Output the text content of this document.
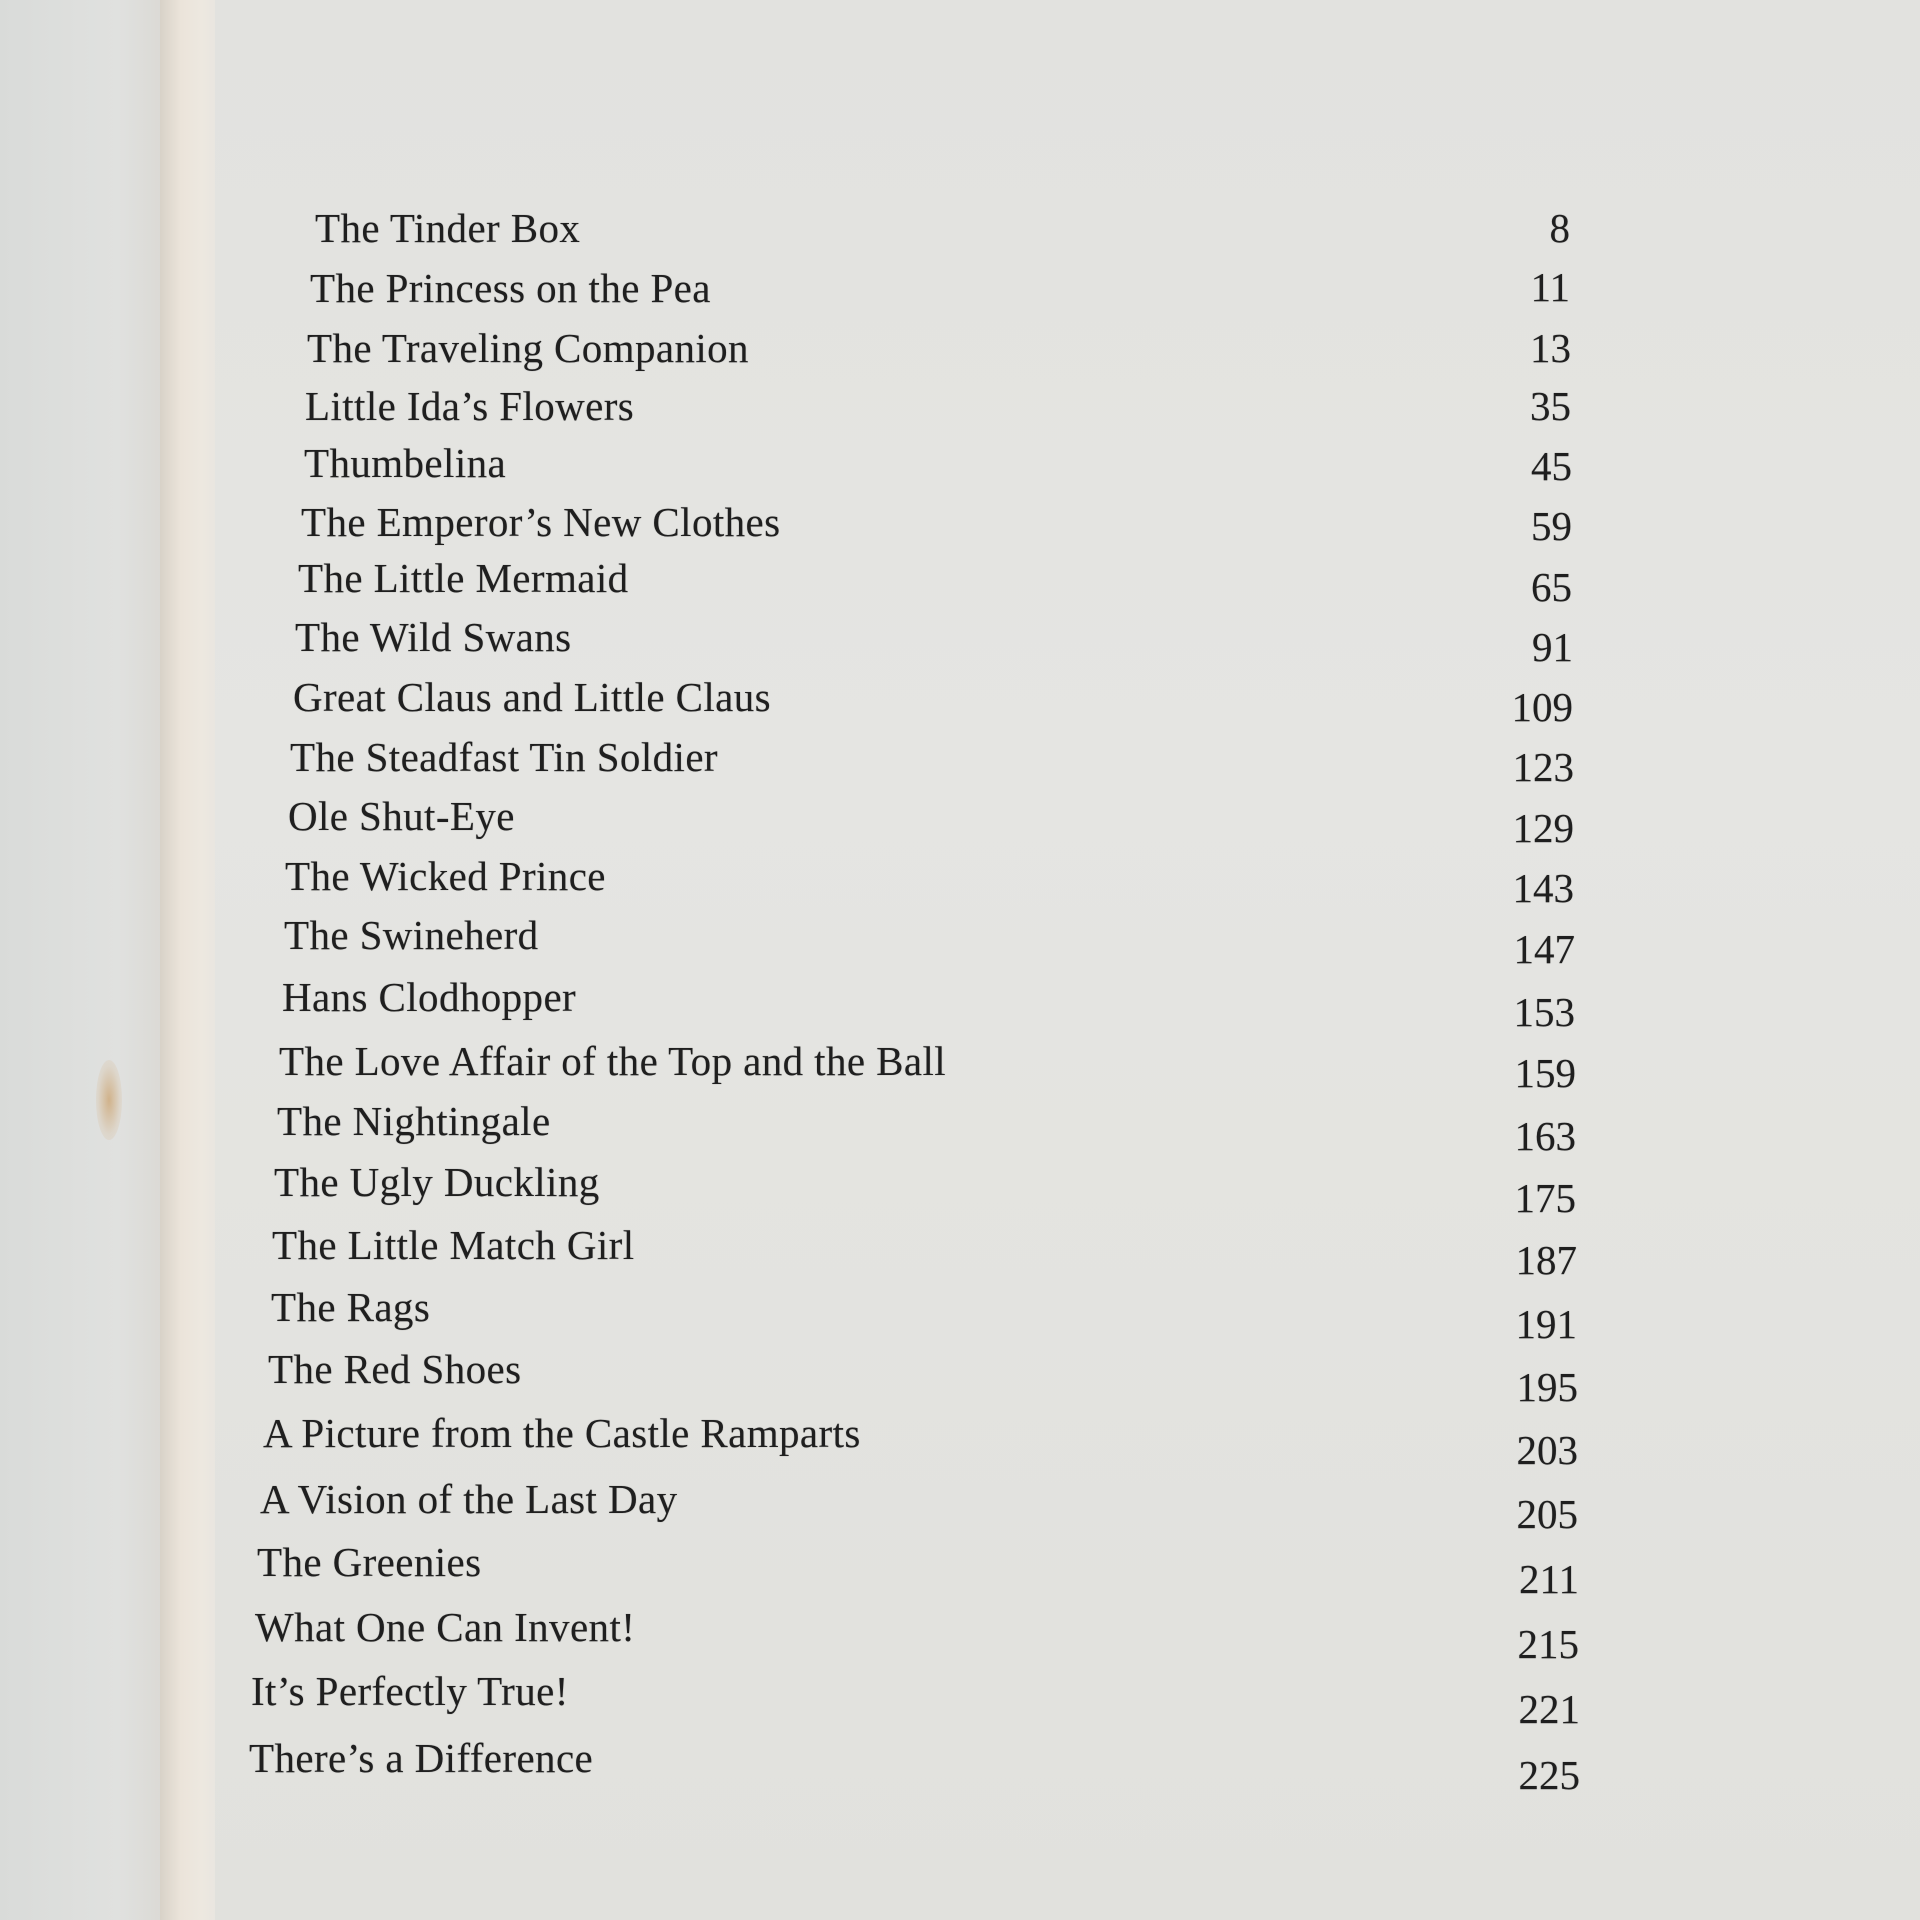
The Tinder Box	8
The Princess on the Pea	11
The Traveling Companion	13
Little Ida’s Flowers	35
Thumbelina	45
The Emperor’s New Clothes	59
The Little Mermaid	65
The Wild Swans	91
Great Claus and Little Claus	109
The Steadfast Tin Soldier	123
Ole Shut-Eye	129
The Wicked Prince	143
The Swineherd	147
Hans Clodhopper	153
The Love Affair of the Top and the Ball	159
The Nightingale	163
The Ugly Duckling	175
The Little Match Girl	187
The Rags	191
The Red Shoes	195
A Picture from the Castle Ramparts	203
A Vision of the Last Day	205
The Greenies	211
What One Can Invent!	215
It’s Perfectly True!	221
There’s a Difference	225
